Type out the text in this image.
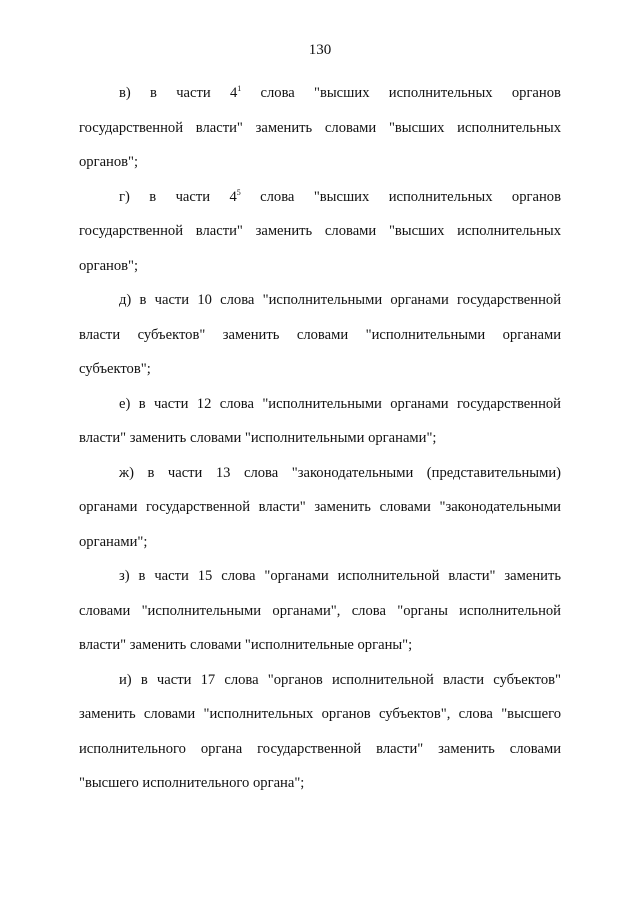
130
в) в части $4^1$ слова "высших исполнительных органов
государственной власти" заменить словами "высших исполнительных
органов";
г) в части $4^5$ слова "высших исполнительных органов
государственной власти" заменить словами "высших исполнительных
органов";
д) в части 10 слова "исполнительными органами государственной
власти субъектов" заменить словами "исполнительными органами
субъектов";
е) в части 12 слова "исполнительными органами государственной
власти" заменить словами "исполнительными органами";
ж) в части 13 слова "законодательными (представительными)
органами государственной власти" заменить словами "законодательными
органами";
з) в части 15 слова "органами исполнительной власти" заменить
словами "исполнительными органами", слова "органы исполнительной
власти" заменить словами "исполнительные органы";
и) в части 17 слова "органов исполнительной власти субъектов"
заменить словами "исполнительных органов субъектов", слова "высшего
исполнительного органа государственной власти" заменить словами
"высшего исполнительного органа";
